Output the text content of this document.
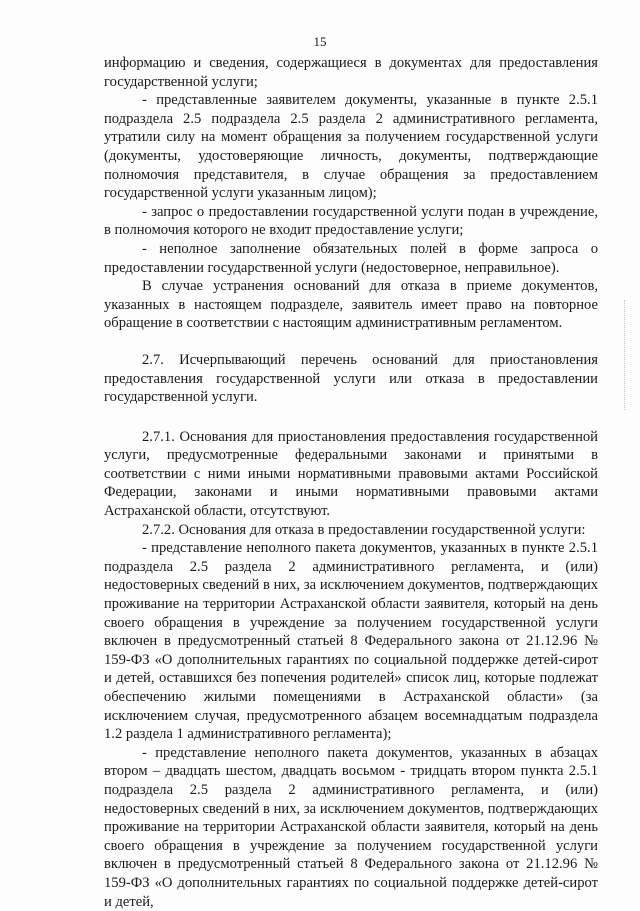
15

информацию и сведения, содержащиеся в документах для предоставления государственной услуги;

- представленные заявителем документы, указанные в пункте 2.5.1 подраздела 2.5 подраздела 2.5 раздела 2 административного регламента, утратили силу на момент обращения за получением государственной услуги (документы, удостоверяющие личность, документы, подтверждающие полномочия представителя, в случае обращения за предоставлением государственной услуги указанным лицом);

- запрос о предоставлении государственной услуги подан в учреждение, в полномочия которого не входит предоставление услуги;

- неполное заполнение обязательных полей в форме запроса о предоставлении государственной услуги (недостоверное, неправильное).

В случае устранения оснований для отказа в приеме документов, указанных в настоящем подразделе, заявитель имеет право на повторное обращение в соответствии с настоящим административным регламентом.

2.7. Исчерпывающий перечень оснований для приостановления предоставления государственной услуги или отказа в предоставлении государственной услуги.

2.7.1. Основания для приостановления предоставления государственной услуги, предусмотренные федеральными законами и принятыми в соответствии с ними иными нормативными правовыми актами Российской Федерации, законами и иными нормативными правовыми актами Астраханской области, отсутствуют.

2.7.2. Основания для отказа в предоставлении государственной услуги:

- представление неполного пакета документов, указанных в пункте 2.5.1 подраздела 2.5 раздела 2 административного регламента, и (или) недостоверных сведений в них, за исключением документов, подтверждающих проживание на территории Астраханской области заявителя, который на день своего обращения в учреждение за получением государственной услуги включен в предусмотренный статьей 8 Федерального закона от 21.12.96 № 159-ФЗ «О дополнительных гарантиях по социальной поддержке детей-сирот и детей, оставшихся без попечения родителей» список лиц, которые подлежат обеспечению жилыми помещениями в Астраханской области» (за исключением случая, предусмотренного абзацем восемнадцатым подраздела 1.2 раздела 1 административного регламента);

- представление неполного пакета документов, указанных в абзацах втором – двадцать шестом, двадцать восьмом - тридцать втором пункта 2.5.1 подраздела 2.5 раздела 2 административного регламента, и (или) недостоверных сведений в них, за исключением документов, подтверждающих проживание на территории Астраханской области заявителя, который на день своего обращения в учреждение за получением государственной услуги включен в предусмотренный статьей 8 Федерального закона от 21.12.96 № 159-ФЗ «О дополнительных гарантиях по социальной поддержке детей-сирот и детей,
